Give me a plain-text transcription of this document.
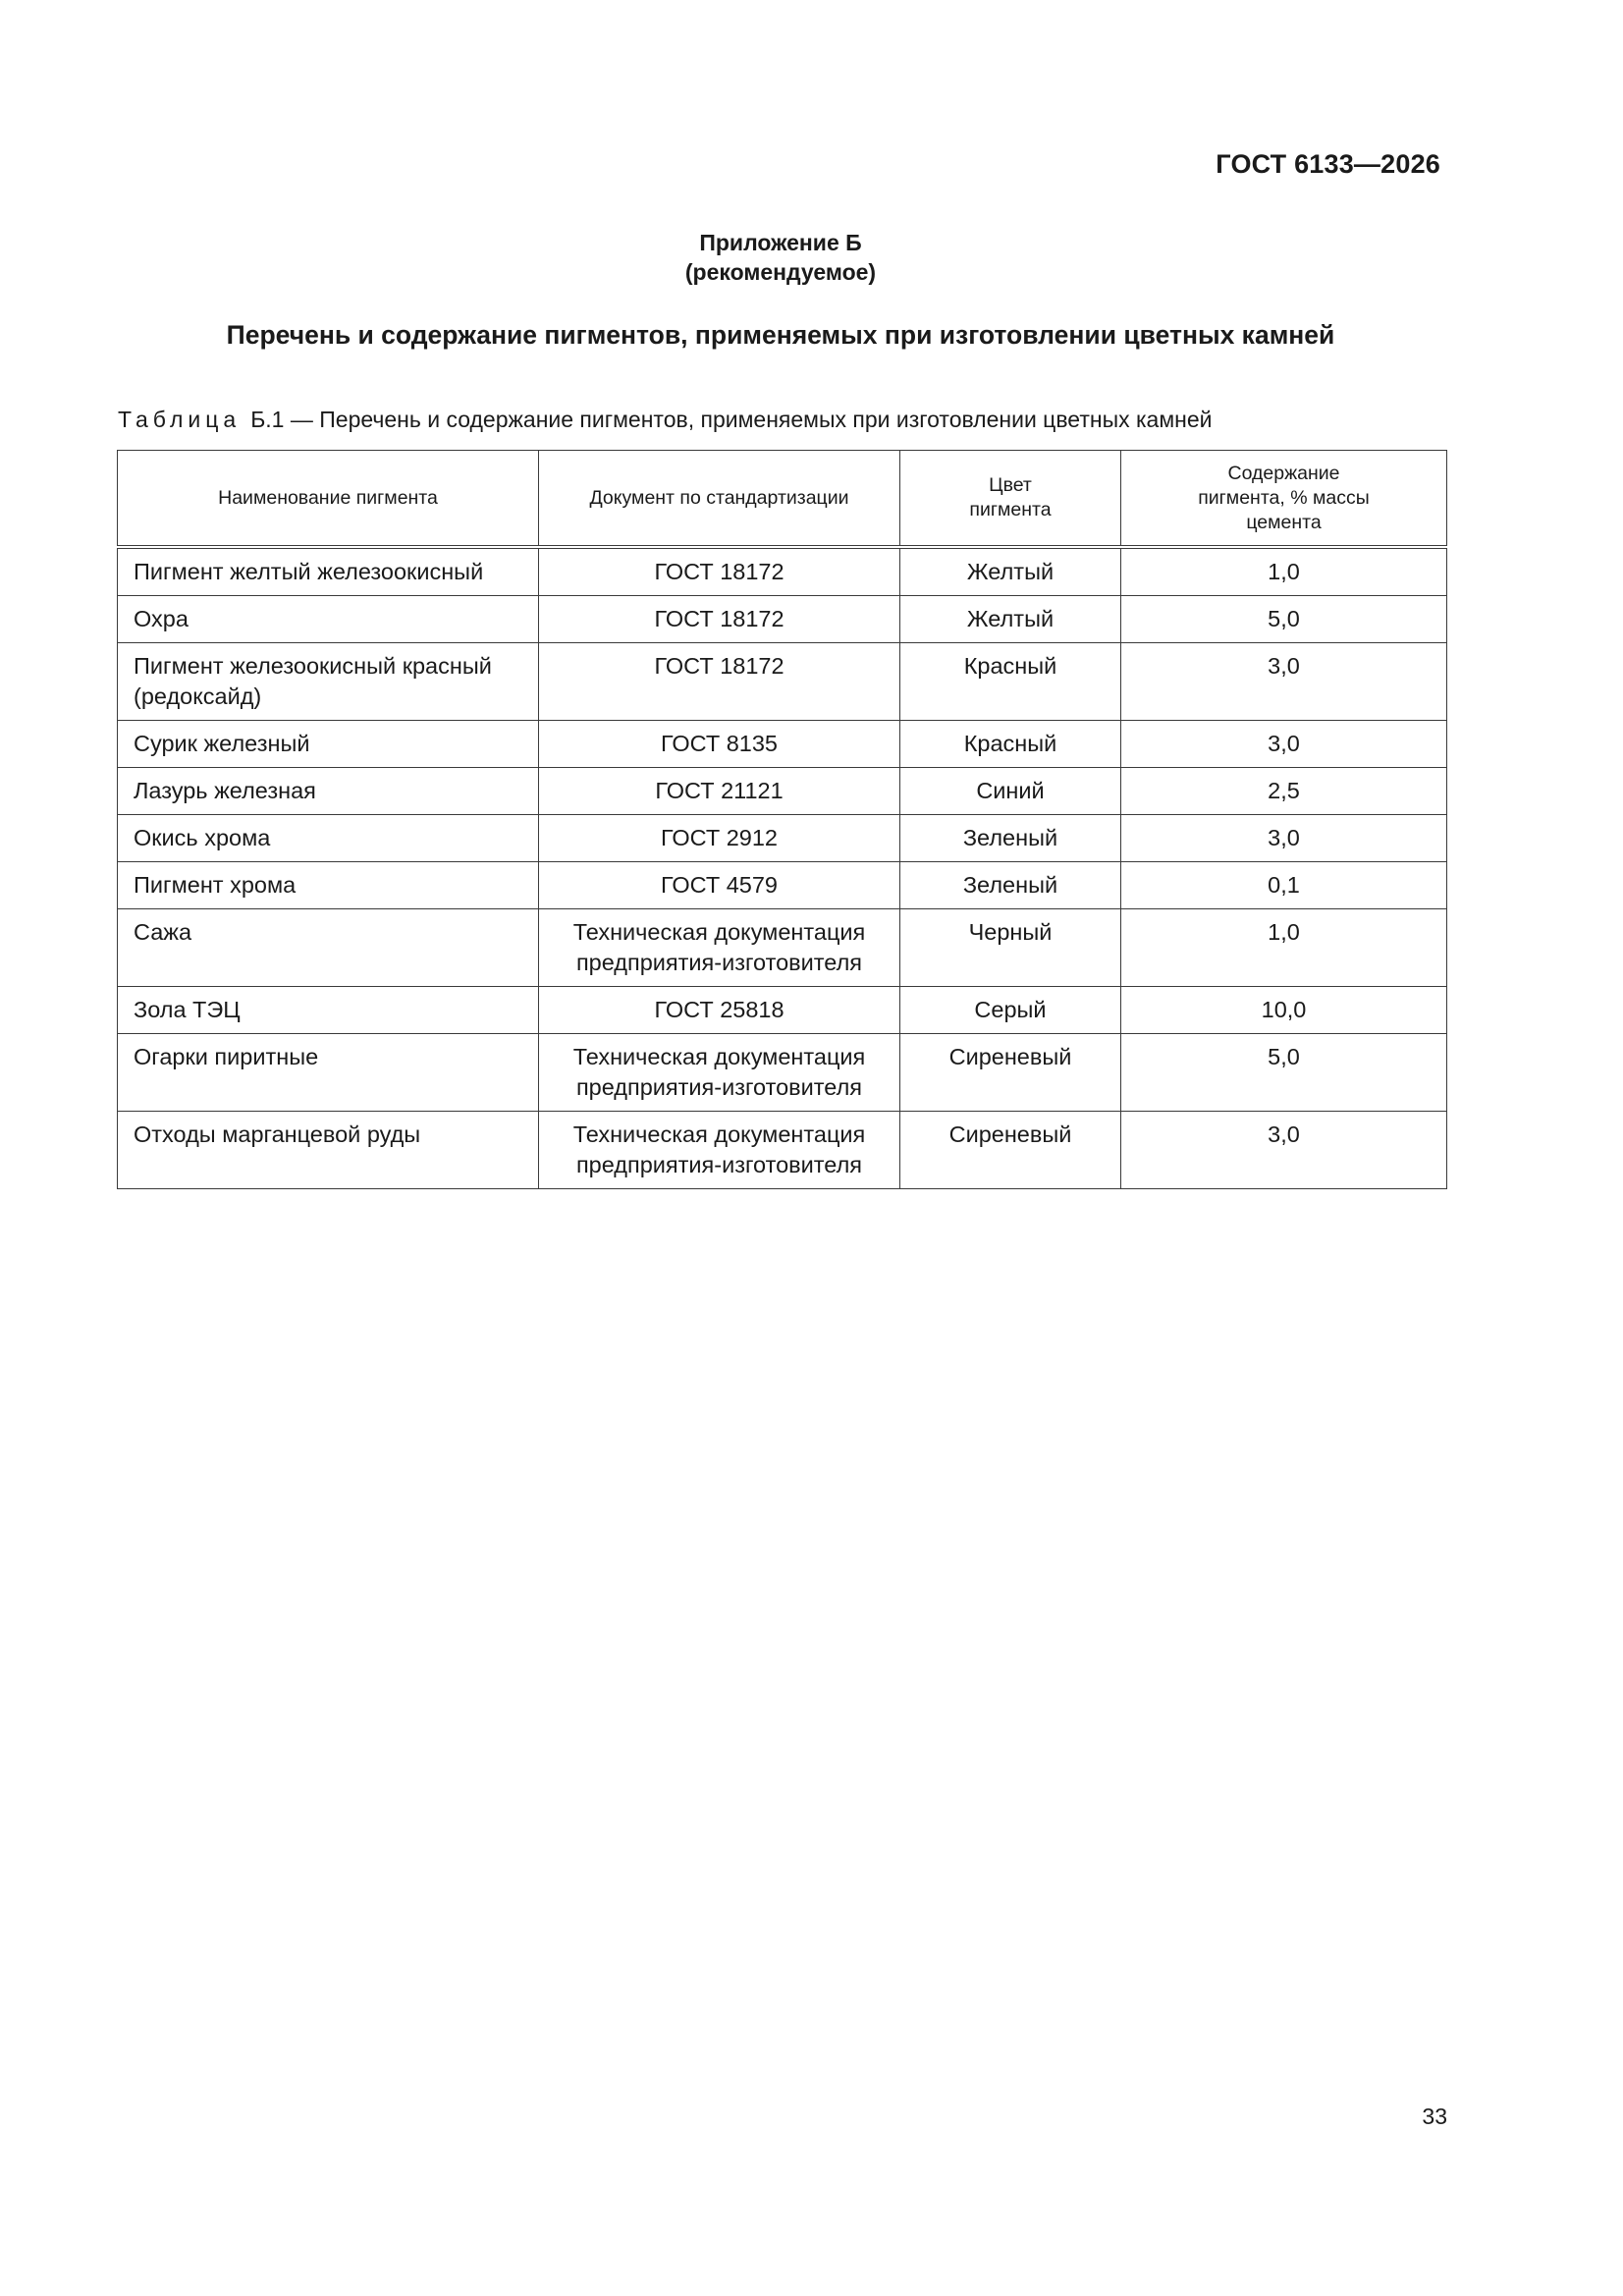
ГОСТ 6133—2026
Приложение Б
(рекомендуемое)
Перечень и содержание пигментов, применяемых при изготовлении цветных камней
Таблица Б.1 — Перечень и содержание пигментов, применяемых при изготовлении цветных камней
Наименование пигмента	Документ по стандартизации	Цвет пигмента	Содержание пигмента, % массы цемента
Пигмент желтый железоокисный	ГОСТ 18172	Желтый	1,0
Охра	ГОСТ 18172	Желтый	5,0
Пигмент железоокисный красный (редоксайд)	ГОСТ 18172	Красный	3,0
Сурик железный	ГОСТ 8135	Красный	3,0
Лазурь железная	ГОСТ 21121	Синий	2,5
Окись хрома	ГОСТ 2912	Зеленый	3,0
Пигмент хрома	ГОСТ 4579	Зеленый	0,1
Сажа	Техническая документация предприятия-изготовителя	Черный	1,0
Зола ТЭЦ	ГОСТ 25818	Серый	10,0
Огарки пиритные	Техническая документация предприятия-изготовителя	Сиреневый	5,0
Отходы марганцевой руды	Техническая документация предприятия-изготовителя	Сиреневый	3,0
33
